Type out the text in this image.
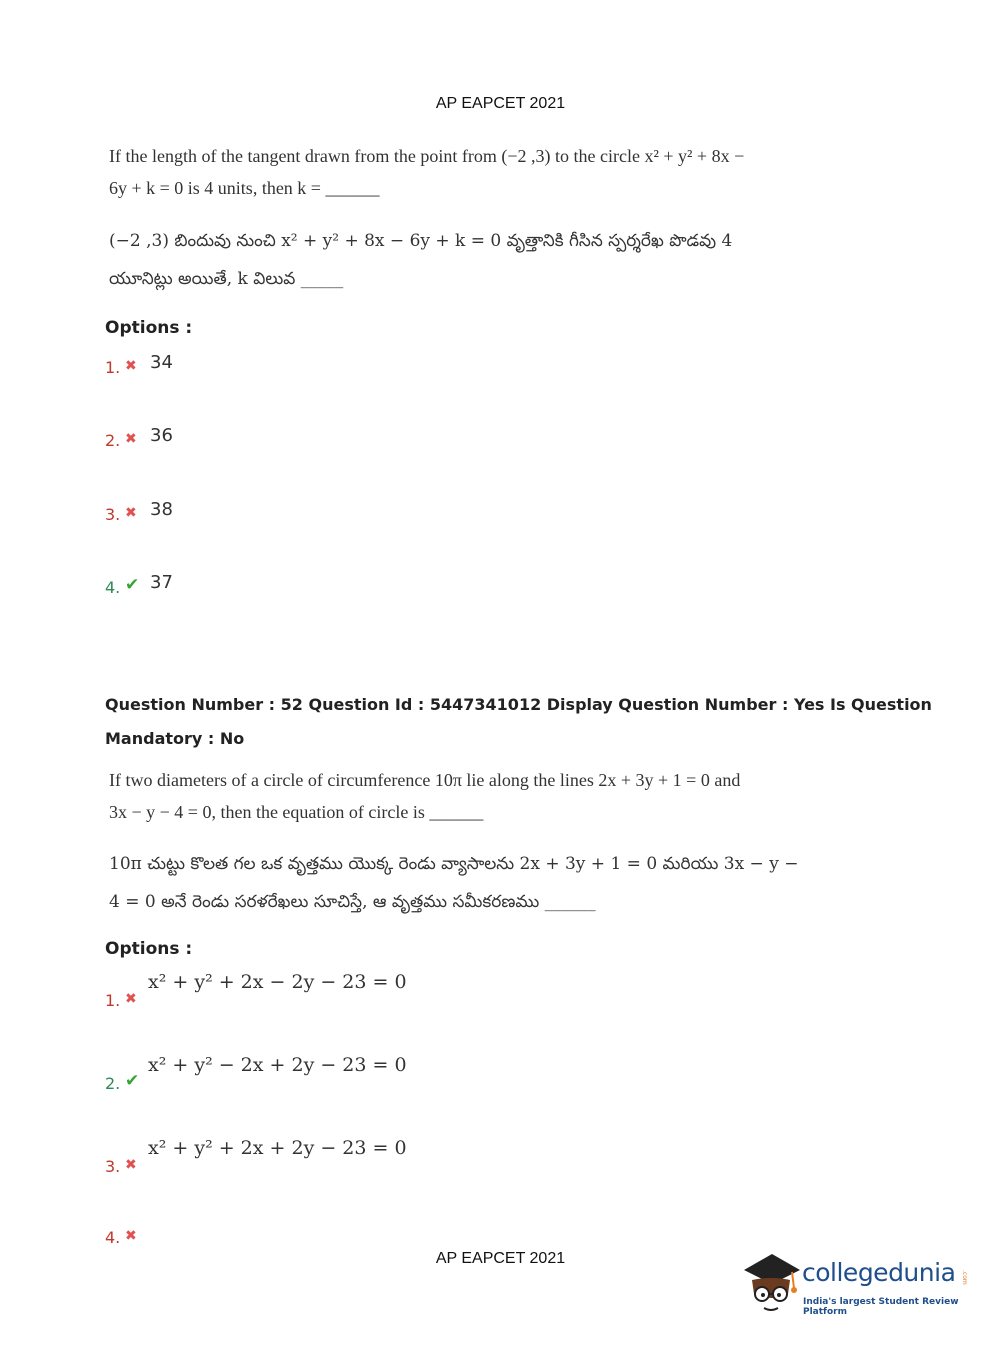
AP EAPCET 2021
If the length of the tangent drawn from the point from (−2 ,3) to the circle x² + y² + 8x −
6y + k = 0 is 4 units, then k = ______
(−2 ,3) బిందువు నుంచి x² + y² + 8x − 6y + k = 0 వృత్తానికి గీసిన స్పర్శరేఖ పొడవు 4
యూనిట్లు అయితే, k విలువ _____
Options :
1. ✖ 34
2. ✖ 36
3. ✖ 38
4. ✔ 37
Question Number : 52 Question Id : 5447341012 Display Question Number : Yes Is Question
Mandatory : No
If two diameters of a circle of circumference 10π lie along the lines 2x + 3y + 1 = 0 and
3x − y − 4 = 0, then the equation of circle is ______
10π చుట్టు కొలత గల ఒక వృత్తము యొక్క రెండు వ్యాసాలను 2x + 3y + 1 = 0 మరియు 3x − y −
4 = 0 అనే రెండు సరళరేఖలు సూచిస్తే, ఆ వృత్తము సమీకరణము ______
Options :
1. ✖
x² + y² + 2x − 2y − 23 = 0
2. ✔
x² + y² − 2x + 2y − 23 = 0
3. ✖
x² + y² + 2x + 2y − 23 = 0
4. ✖
AP EAPCET 2021	collegedunia .com
India's largest Student Review Platform
